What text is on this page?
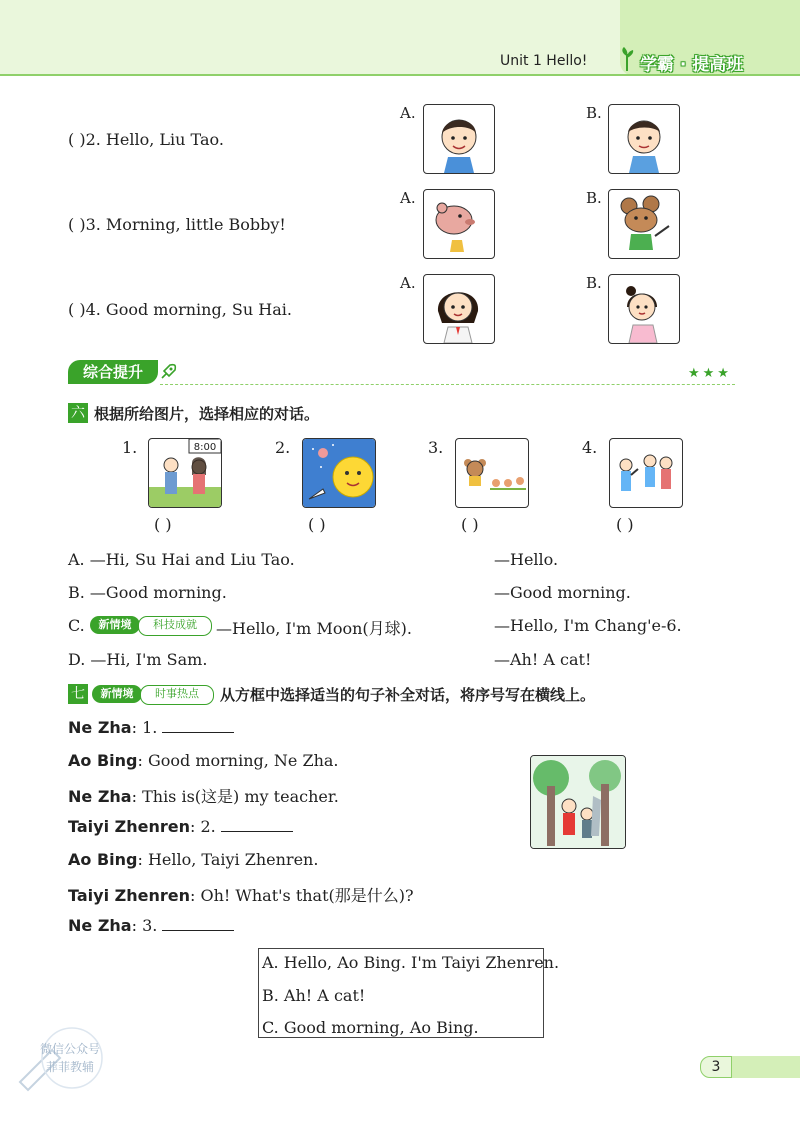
Unit 1 Hello!	学霸 · 提高班
( )2. Hello, Liu Tao.
A.	B.
( )3. Morning, little Bobby!
A.	B.
( )4. Good morning, Su Hai.
A.	B.
综合提升	★★★
六 根据所给图片，选择相应的对话。
1.	8:00
( )
2.
( )
3.
( )
4.
( )
A. —Hi, Su Hai and Liu Tao.	—Hello.
B. —Good morning.	—Good morning.
C.	新情境	科技成就	—Hello, I'm Moon(月球).	—Hello, I'm Chang'e-6.
D. —Hi, I'm Sam.	—Ah! A cat!
七	新情境	时事热点	从方框中选择适当的句子补全对话，将序号写在横线上。
Ne Zha: 1.
Ao Bing: Good morning, Ne Zha.
Ne Zha: This is(这是) my teacher.
Taiyi Zhenren: 2.
Ao Bing: Hello, Taiyi Zhenren.
Taiyi Zhenren: Oh! What's that(那是什么)?
Ne Zha: 3.
A. Hello, Ao Bing. I'm Taiyi Zhenren.
B. Ah! A cat!
C. Good morning, Ao Bing.
微信公众号
菲菲教辅	3
